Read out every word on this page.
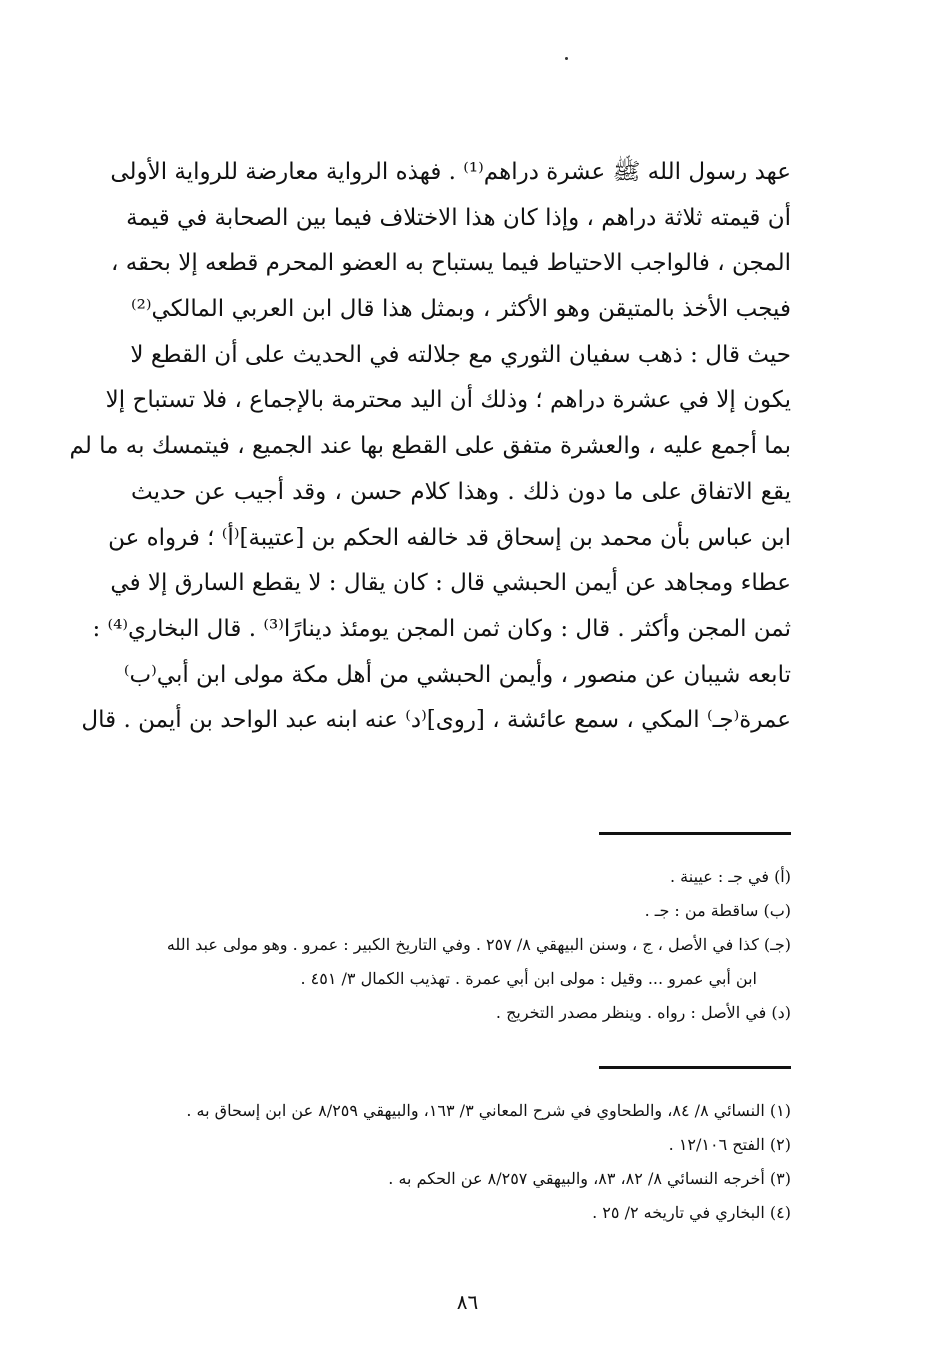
عهد رسول الله ﷺ عشرة دراهم⁽¹⁾ . فهذه الرواية معارضة للرواية الأولى
أن قيمته ثلاثة دراهم ، وإذا كان هذا الاختلاف فيما بين الصحابة في قيمة
المجن ، فالواجب الاحتياط فيما يستباح به العضو المحرم قطعه إلا بحقه ،
فيجب الأخذ بالمتيقن وهو الأكثر ، وبمثل هذا قال ابن العربي المالكي⁽²⁾
حيث قال : ذهب سفيان الثوري مع جلالته في الحديث على أن القطع لا
يكون إلا في عشرة دراهم ؛ وذلك أن اليد محترمة بالإجماع ، فلا تستباح إلا
بما أجمع عليه ، والعشرة متفق على القطع بها عند الجميع ، فيتمسك به ما لم
يقع الاتفاق على ما دون ذلك . وهذا كلام حسن ، وقد أجيب عن حديث
ابن عباس بأن محمد بن إسحاق قد خالفه الحكم بن [عتيبة]⁽أ⁾ ؛ فرواه عن
عطاء ومجاهد عن أيمن الحبشي قال : كان يقال : لا يقطع السارق إلا في
ثمن المجن وأكثر . قال : وكان ثمن المجن يومئذ دينارًا⁽³⁾ . قال البخاري⁽⁴⁾ :
تابعه شيبان عن منصور ، وأيمن الحبشي من أهل مكة مولى ابن أبي⁽ب⁾
عمرة⁽جـ⁾ المكي ، سمع عائشة ، [روى]⁽د⁾ عنه ابنه عبد الواحد بن أيمن . قال
(أ) في جـ : عيينة .
(ب) ساقطة من : جـ .
(جـ) كذا في الأصل ، ج ، وسنن البيهقي ٨/ ٢٥٧ . وفي التاريخ الكبير : عمرو . وهو مولى عبد الله
ابن أبي عمرو ... وقيل : مولى ابن أبي عمرة . تهذيب الكمال ٣/ ٤٥١ .
(د) في الأصل : رواه . وينظر مصدر التخريج .
(١) النسائي ٨/ ٨٤، والطحاوي في شرح المعاني ٣/ ١٦٣، والبيهقي ٨/٢٥٩ عن ابن إسحاق به .
(٢) الفتح ١٢/١٠٦ .
(٣) أخرجه النسائي ٨/ ٨٢، ٨٣، والبيهقي ٨/٢٥٧ عن الحكم به .
(٤) البخاري في تاريخه ٢/ ٢٥ .
٨٦
